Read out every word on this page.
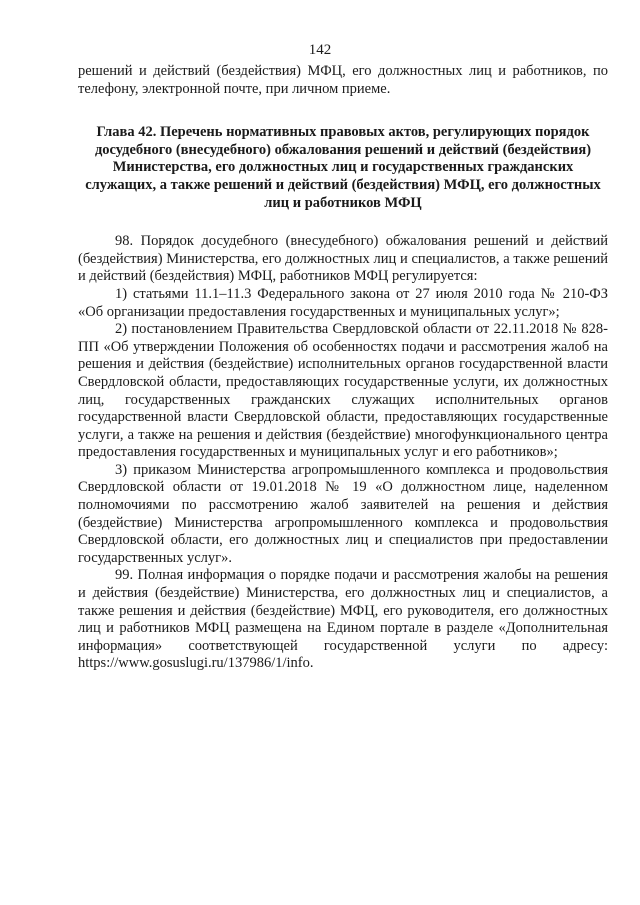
142

решений и действий (бездействия) МФЦ, его должностных лиц и работников, по телефону, электронной почте, при личном приеме.

Глава 42. Перечень нормативных правовых актов, регулирующих порядок досудебного (внесудебного) обжалования решений и действий (бездействия) Министерства, его должностных лиц и государственных гражданских служащих, а также решений и действий (бездействия) МФЦ, его должностных лиц и работников МФЦ

98. Порядок досудебного (внесудебного) обжалования решений и действий (бездействия) Министерства, его должностных лиц и специалистов, а также решений и действий (бездействия) МФЦ, работников МФЦ регулируется:

1) статьями 11.1–11.3 Федерального закона от 27 июля 2010 года № 210-ФЗ «Об организации предоставления государственных и муниципальных услуг»;

2) постановлением Правительства Свердловской области от 22.11.2018 № 828-ПП «Об утверждении Положения об особенностях подачи и рассмотрения жалоб на решения и действия (бездействие) исполнительных органов государственной власти Свердловской области, предоставляющих государственные услуги, их должностных лиц, государственных гражданских служащих исполнительных органов государственной власти Свердловской области, предоставляющих государственные услуги, а также на решения и действия (бездействие) многофункционального центра предоставления государственных и муниципальных услуг и его работников»;

3) приказом Министерства агропромышленного комплекса и продовольствия Свердловской области от 19.01.2018 № 19 «О должностном лице, наделенном полномочиями по рассмотрению жалоб заявителей на решения и действия (бездействие) Министерства агропромышленного комплекса и продовольствия Свердловской области, его должностных лиц и специалистов при предоставлении государственных услуг».

99. Полная информация о порядке подачи и рассмотрения жалобы на решения и действия (бездействие) Министерства, его должностных лиц и специалистов, а также решения и действия (бездействие) МФЦ, его руководителя, его должностных лиц и работников МФЦ размещена на Едином портале в разделе «Дополнительная информация» соответствующей государственной услуги по адресу: https://www.gosuslugi.ru/137986/1/info.
